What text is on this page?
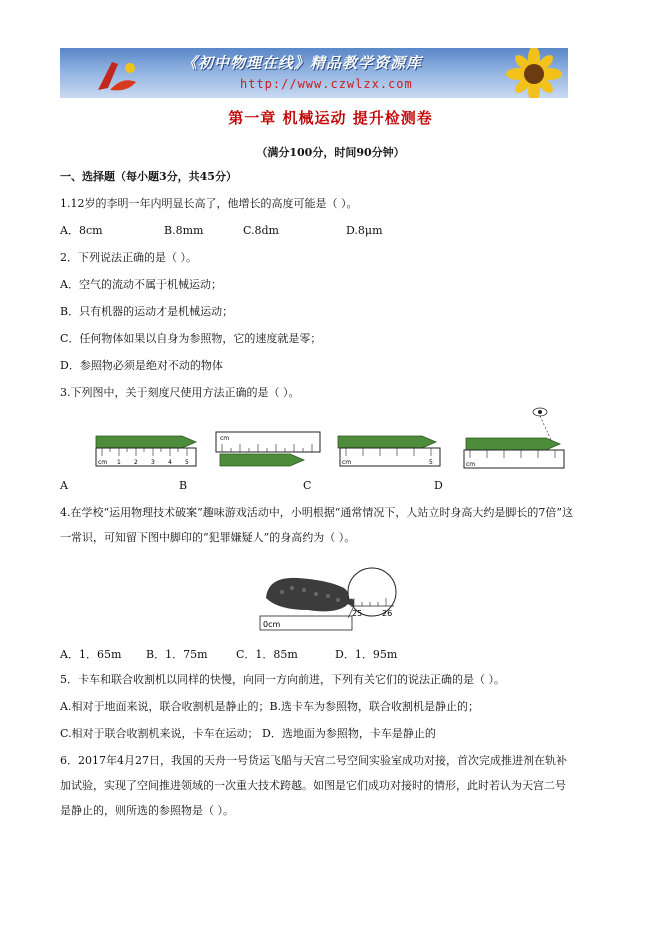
《初中物理在线》精品教学资源库
http://www.czwlzx.com
第一章 机械运动 提升检测卷
（满分100分，时间90分钟）
一、选择题（每小题3分，共45分）
1.12岁的李明一年内明显长高了，他增长的高度可能是（ ）。
A．8cm	B.8mm	C.8dm	D.8μm
2．下列说法正确的是（ ）。
A．空气的流动不属于机械运动；
B．只有机器的运动才是机械运动；
C．任何物体如果以自身为参照物，它的速度就是零；
D．参照物必须是绝对不动的物体
3.下列图中，关于刻度尺使用方法正确的是（ ）。
cm 1 2 3 4 5
cm
cm	5	cm
A	B	C	D
4.在学校“运用物理技术破案”趣味游戏活动中，小明根据“通常情况下，人站立时身高大约是脚长的7倍”这
一常识，可知留下图中脚印的“犯罪嫌疑人”的身高约为（ ）。
0cm
25 26
A．1．65m B．1．75m	C．1．85m	D．1．95m
5．卡车和联合收割机以同样的快慢，向同一方向前进，下列有关它们的说法正确的是（ ）。
A.相对于地面来说，联合收割机是静止的；B.选卡车为参照物，联合收割机是静止的；
C.相对于联合收割机来说，卡车在运动； D．选地面为参照物，卡车是静止的
6．2017年4月27日，我国的天舟一号货运飞船与天宫二号空间实验室成功对接，首次完成推进剂在轨补
加试验，实现了空间推进领域的一次重大技术跨越。如图是它们成功对接时的情形，此时若认为天宫二号
是静止的，则所选的参照物是（ ）。
